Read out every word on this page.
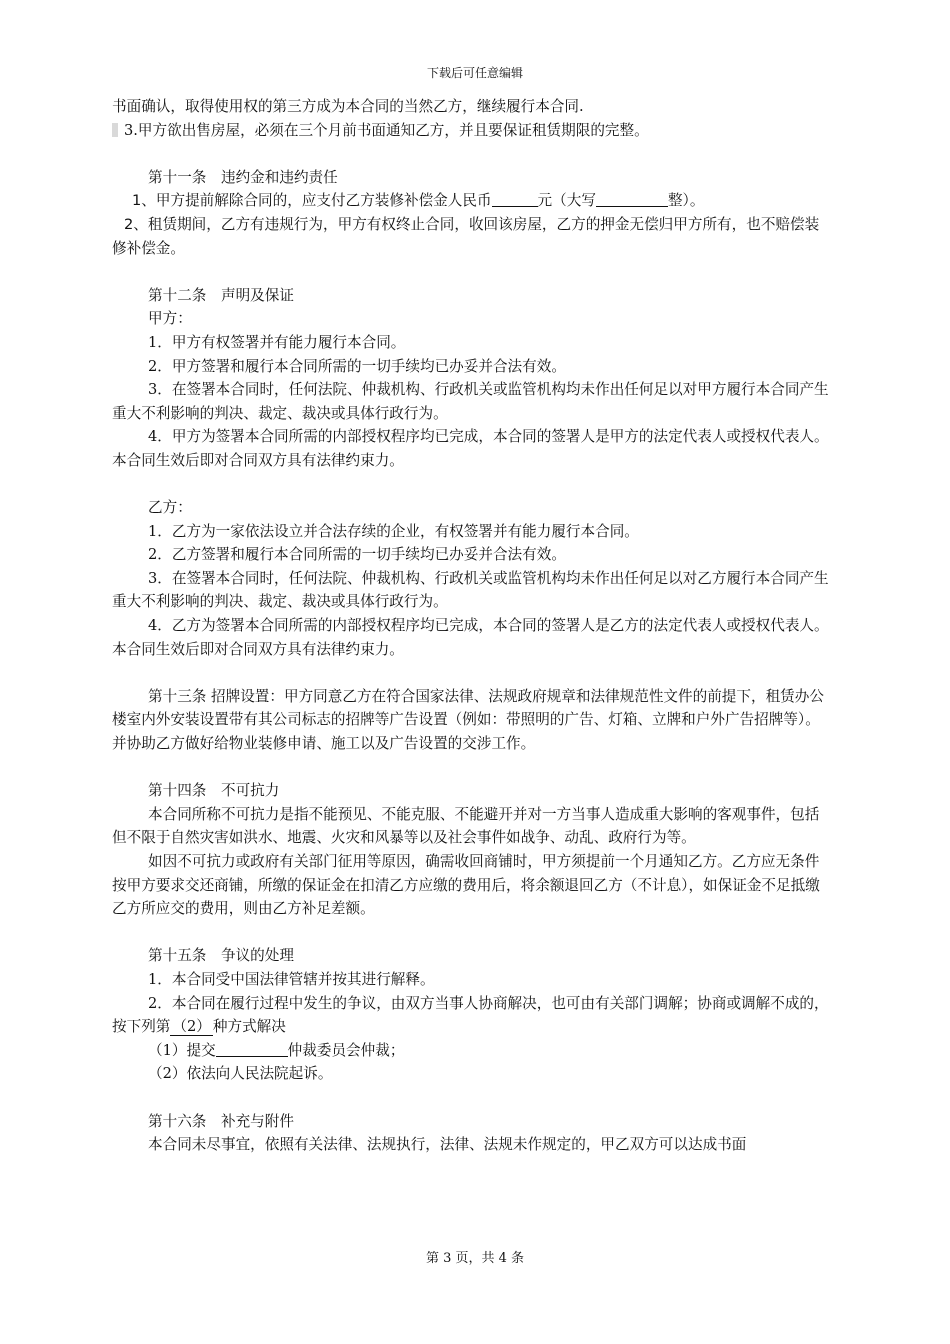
下载后可任意编辑

书面确认，取得使用权的第三方成为本合同的当然乙方，继续履行本合同.

3.甲方欲出售房屋，必须在三个月前书面通知乙方，并且要保证租赁期限的完整。

第十一条　违约金和违约责任

1、甲方提前解除合同的，应支付乙方装修补偿金人民币	元（大写	整）。

2、租赁期间，乙方有违规行为，甲方有权终止合同，收回该房屋，乙方的押金无偿归甲方所有，也不赔偿装修补偿金。

第十二条　声明及保证

甲方：

1．甲方有权签署并有能力履行本合同。

2．甲方签署和履行本合同所需的一切手续均已办妥并合法有效。

3．在签署本合同时，任何法院、仲裁机构、行政机关或监管机构均未作出任何足以对甲方履行本合同产生重大不利影响的判决、裁定、裁决或具体行政行为。

4．甲方为签署本合同所需的内部授权程序均已完成，本合同的签署人是甲方的法定代表人或授权代表人。本合同生效后即对合同双方具有法律约束力。

乙方：

1．乙方为一家依法设立并合法存续的企业，有权签署并有能力履行本合同。

2．乙方签署和履行本合同所需的一切手续均已办妥并合法有效。

3．在签署本合同时，任何法院、仲裁机构、行政机关或监管机构均未作出任何足以对乙方履行本合同产生重大不利影响的判决、裁定、裁决或具体行政行为。

4．乙方为签署本合同所需的内部授权程序均已完成，本合同的签署人是乙方的法定代表人或授权代表人。本合同生效后即对合同双方具有法律约束力。

第十三条 招牌设置：甲方同意乙方在符合国家法律、法规政府规章和法律规范性文件的前提下，租赁办公楼室内外安装设置带有其公司标志的招牌等广告设置（例如：带照明的广告、灯箱、立牌和户外广告招牌等）。并协助乙方做好给物业装修申请、施工以及广告设置的交涉工作。

第十四条　不可抗力

本合同所称不可抗力是指不能预见、不能克服、不能避开并对一方当事人造成重大影响的客观事件，包括但不限于自然灾害如洪水、地震、火灾和风暴等以及社会事件如战争、动乱、政府行为等。

如因不可抗力或政府有关部门征用等原因，确需收回商铺时，甲方须提前一个月通知乙方。乙方应无条件按甲方要求交还商铺，所缴的保证金在扣清乙方应缴的费用后，将余额退回乙方（不计息），如保证金不足抵缴乙方所应交的费用，则由乙方补足差额。

第十五条　争议的处理

1．本合同受中国法律管辖并按其进行解释。

2．本合同在履行过程中发生的争议，由双方当事人协商解决，也可由有关部门调解；协商或调解不成的，按下列第 （2） 种方式解决

（1）提交	仲裁委员会仲裁；

（2）依法向人民法院起诉。

第十六条　补充与附件

本合同未尽事宜，依照有关法律、法规执行，法律、法规未作规定的，甲乙双方可以达成书面

第 3 页，共 4 条
